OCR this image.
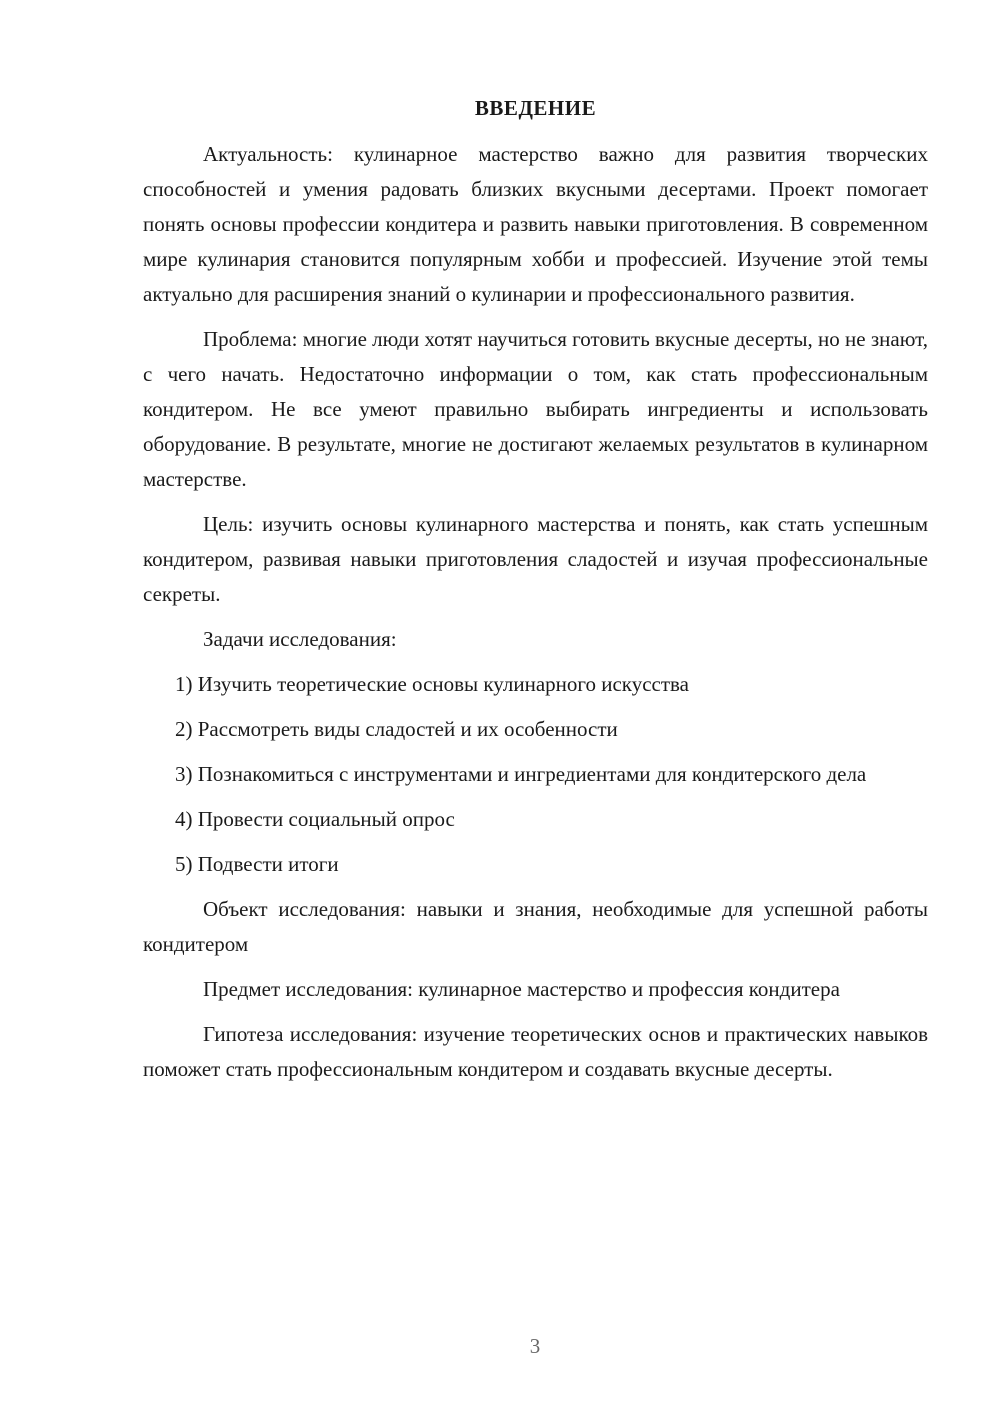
ВВЕДЕНИЕ

Актуальность: кулинарное мастерство важно для развития творческих способностей и умения радовать близких вкусными десертами. Проект помогает понять основы профессии кондитера и развить навыки приготовления. В современном мире кулинария становится популярным хобби и профессией. Изучение этой темы актуально для расширения знаний о кулинарии и профессионального развития.

Проблема: многие люди хотят научиться готовить вкусные десерты, но не знают, с чего начать. Недостаточно информации о том, как стать профессиональным кондитером. Не все умеют правильно выбирать ингредиенты и использовать оборудование. В результате, многие не достигают желаемых результатов в кулинарном мастерстве.

Цель: изучить основы кулинарного мастерства и понять, как стать успешным кондитером, развивая навыки приготовления сладостей и изучая профессиональные секреты.

Задачи исследования:

1) Изучить теоретические основы кулинарного искусства

2) Рассмотреть виды сладостей и их особенности

3) Познакомиться с инструментами и ингредиентами для кондитерского дела

4) Провести социальный опрос

5) Подвести итоги

Объект исследования: навыки и знания, необходимые для успешной работы кондитером

Предмет исследования: кулинарное мастерство и профессия кондитера

Гипотеза исследования: изучение теоретических основ и практических навыков поможет стать профессиональным кондитером и создавать вкусные десерты.

3
